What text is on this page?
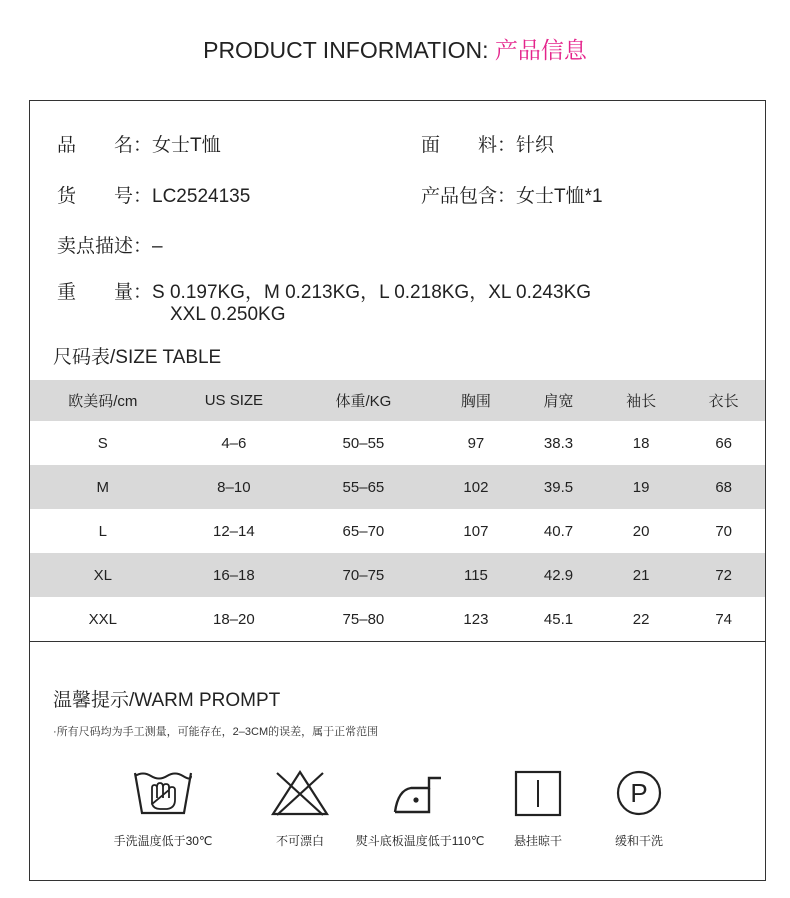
PRODUCT INFORMATION: 产品信息
品　　名：女士T恤	面　　料：针织
货　　号：LC2524135	产品包含：女士T恤*1
卖点描述：–
重　　量：S 0.197KG，M 0.213KG，L 0.218KG，XL 0.243KG
XXL 0.250KG
尺码表/SIZE TABLE
欧美码/cm	US SIZE	体重/KG	胸围	肩宽	袖长	衣长
S	4–6	50–55	97	38.3	18	66
M	8–10	55–65	102	39.5	19	68
L	12–14	65–70	107	40.7	20	70
XL	16–18	70–75	115	42.9	21	72
XXL	18–20	75–80	123	45.1	22	74
温馨提示/WARM PROMPT
·所有尺码均为手工测量，可能存在，2–3CM的误差，属于正常范围
手洗温度低于30℃	不可漂白	熨斗底板温度低于110℃	悬挂晾干
P
缓和干洗
